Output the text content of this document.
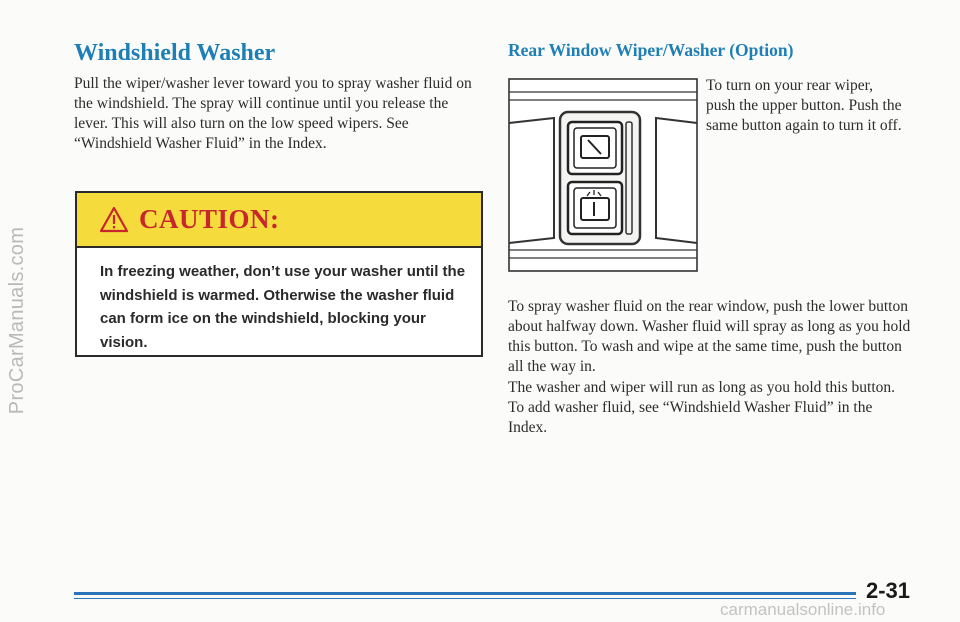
ProCarManuals.com
Windshield Washer

Pull the wiper/washer lever toward you to spray washer fluid on the windshield. The spray will continue until you release the lever. This will also turn on the low speed wipers. See “Windshield Washer Fluid” in the Index.

CAUTION:

In freezing weather, don’t use your washer until the windshield is warmed. Otherwise the washer fluid can form ice on the windshield, blocking your vision.

Rear Window Wiper/Washer (Option)

To turn on your rear wiper, push the upper button. Push the same button again to turn it off.

To spray washer fluid on the rear window, push the lower button about halfway down. Washer fluid will spray as long as you hold this button. To wash and wipe at the same time, push the button all the way in.

The washer and wiper will run as long as you hold this button. To add washer fluid, see “Windshield Washer Fluid” in the Index.

2-31

carmanualsonline.info
